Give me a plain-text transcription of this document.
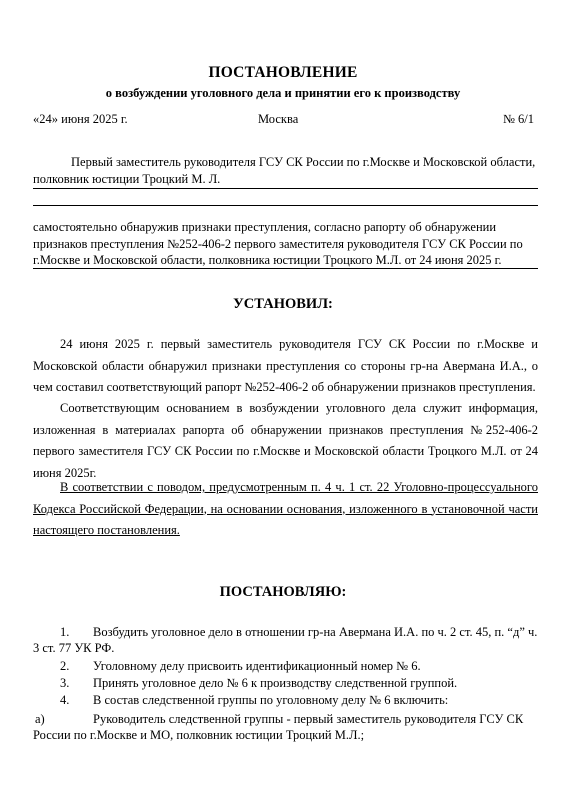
ПОСТАНОВЛЕНИЕ
о возбуждении уголовного дела и принятии его к производству
«24» июня 2025 г.	Москва	№ 6/1
Первый заместитель руководителя ГСУ СК России по г.Москве и Московской области,
полковник юстиции Троцкий М. Л.
самостоятельно обнаружив признаки преступления, согласно рапорту об обнаружении признаков преступления №252-406-2 первого заместителя руководителя ГСУ СК России по г.Москве и Московской области, полковника юстиции Троцкого М.Л. от 24 июня 2025 г.
УСТАНОВИЛ:
24 июня 2025 г. первый заместитель руководителя ГСУ СК России по г.Москве и Московской области обнаружил признаки преступления со стороны гр-на Авермана И.А., о чем составил соответствующий рапорт №252-406-2 об обнаружении признаков преступления.
Соответствующим основанием в возбуждении уголовного дела служит информация, изложенная в материалах рапорта об обнаружении признаков преступления №252-406-2 первого заместителя ГСУ СК России по г.Москве и Московской области Троцкого М.Л. от 24 июня 2025г.
В соответствии с поводом, предусмотренным п. 4 ч. 1 ст. 22 Уголовно-процессуального Кодекса Российской Федерации, на основании основания, изложенного в установочной части настоящего постановления.
ПОСТАНОВЛЯЮ:
1.	Возбудить уголовное дело в отношении гр-на Авермана И.А. по ч. 2 ст. 45, п. “д” ч.
3 ст. 77 УК РФ.
2.	Уголовному делу присвоить идентификационный номер № 6.
3.	Принять уголовное дело № 6 к производству следственной группой.
4.	В состав следственной группы по уголовному делу № 6 включить:
а)	Руководитель следственной группы - первый заместитель руководителя ГСУ СК
России по г.Москве и МО, полковник юстиции Троцкий М.Л.;
